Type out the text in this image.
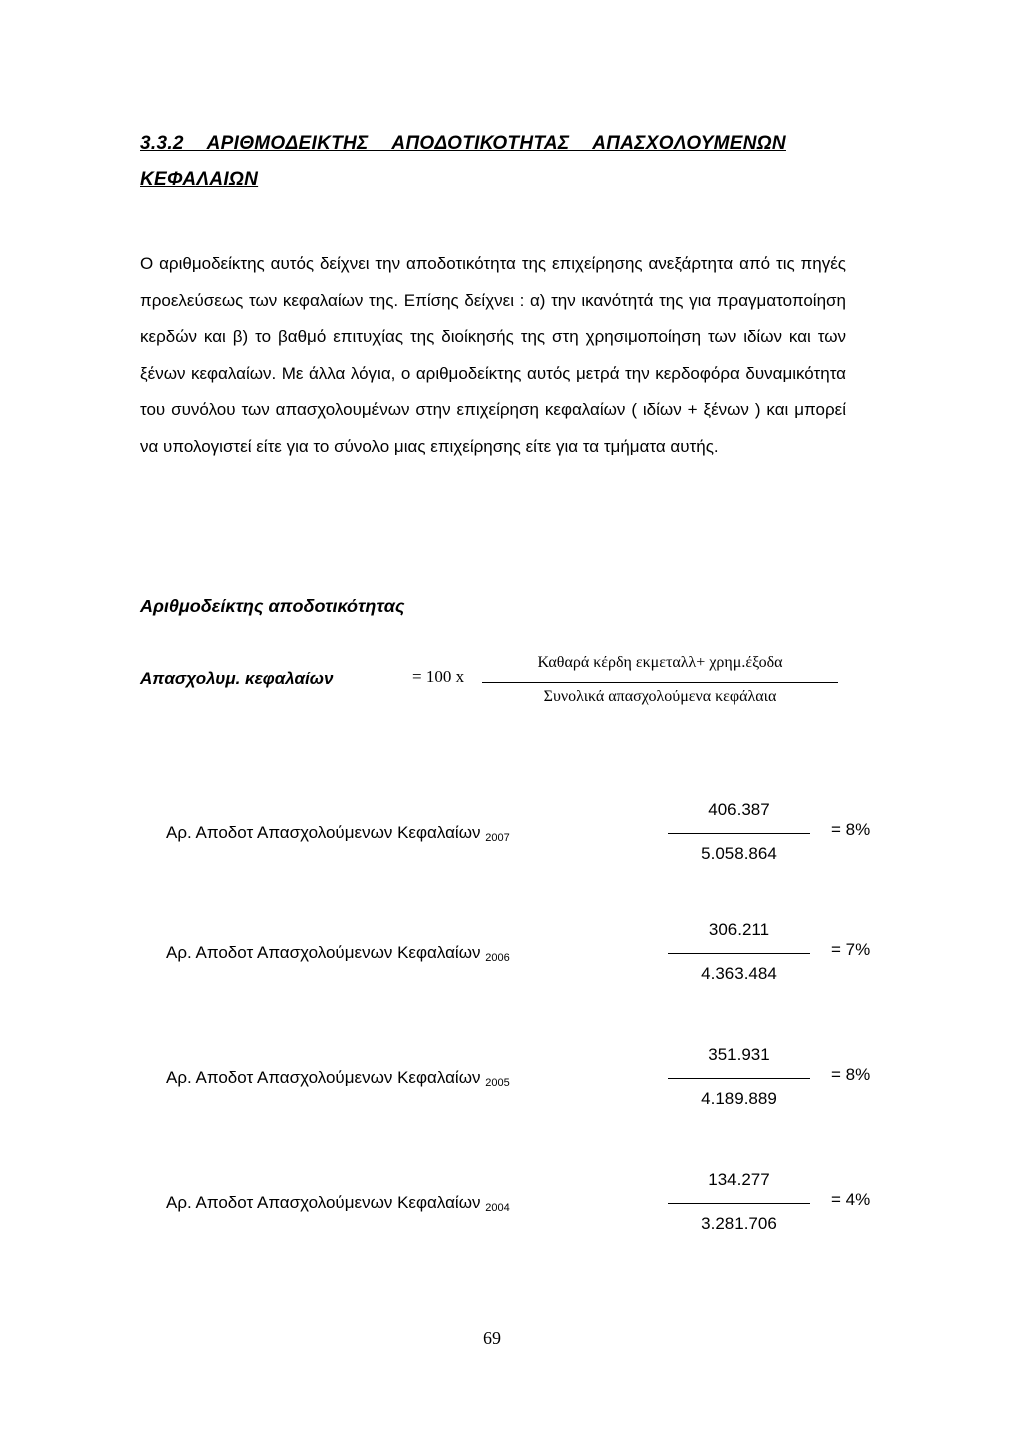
3.3.2 ΑΡΙΘΜΟΔΕΙΚΤΗΣ ΑΠΟΔΟΤΙΚΟΤΗΤΑΣ ΑΠΑΣΧΟΛΟΥΜΕΝΩΝ ΚΕΦΑΛΑΙΩΝ

Ο αριθμοδείκτης αυτός δείχνει την αποδοτικότητα της επιχείρησης ανεξάρτητα από τις πηγές προελεύσεως των κεφαλαίων της. Επίσης δείχνει : α) την ικανότητά της για πραγματοποίηση κερδών και β) το βαθμό επιτυχίας της διοίκησής της στη χρησιμοποίηση των ιδίων και των ξένων κεφαλαίων. Με άλλα λόγια, ο αριθμοδείκτης αυτός μετρά την κερδοφόρα δυναμικότητα του συνόλου των απασχολουμένων στην επιχείρηση κεφαλαίων ( ιδίων + ξένων ) και μπορεί να υπολογιστεί είτε για το σύνολο μιας επιχείρησης είτε για τα τμήματα αυτής.

Αριθμοδείκτης αποδοτικότητας
Απασχολυμ. κεφαλαίων	= 100 x
Καθαρά κέρδη εκμεταλλ+ χρημ.έξοδα
Συνολικά απασχολούμενα κεφάλαια
Αρ. Αποδοτ Απασχολούμενων Κεφαλαίων $_{2007}$
406.387
5.058.864
= 8%
Αρ. Αποδοτ Απασχολούμενων Κεφαλαίων $_{2006}$
306.211
4.363.484
= 7%
Αρ. Αποδοτ Απασχολούμενων Κεφαλαίων $_{2005}$
351.931
4.189.889
= 8%
Αρ. Αποδοτ Απασχολούμενων Κεφαλαίων $_{2004}$
134.277
3.281.706
= 4%
69
